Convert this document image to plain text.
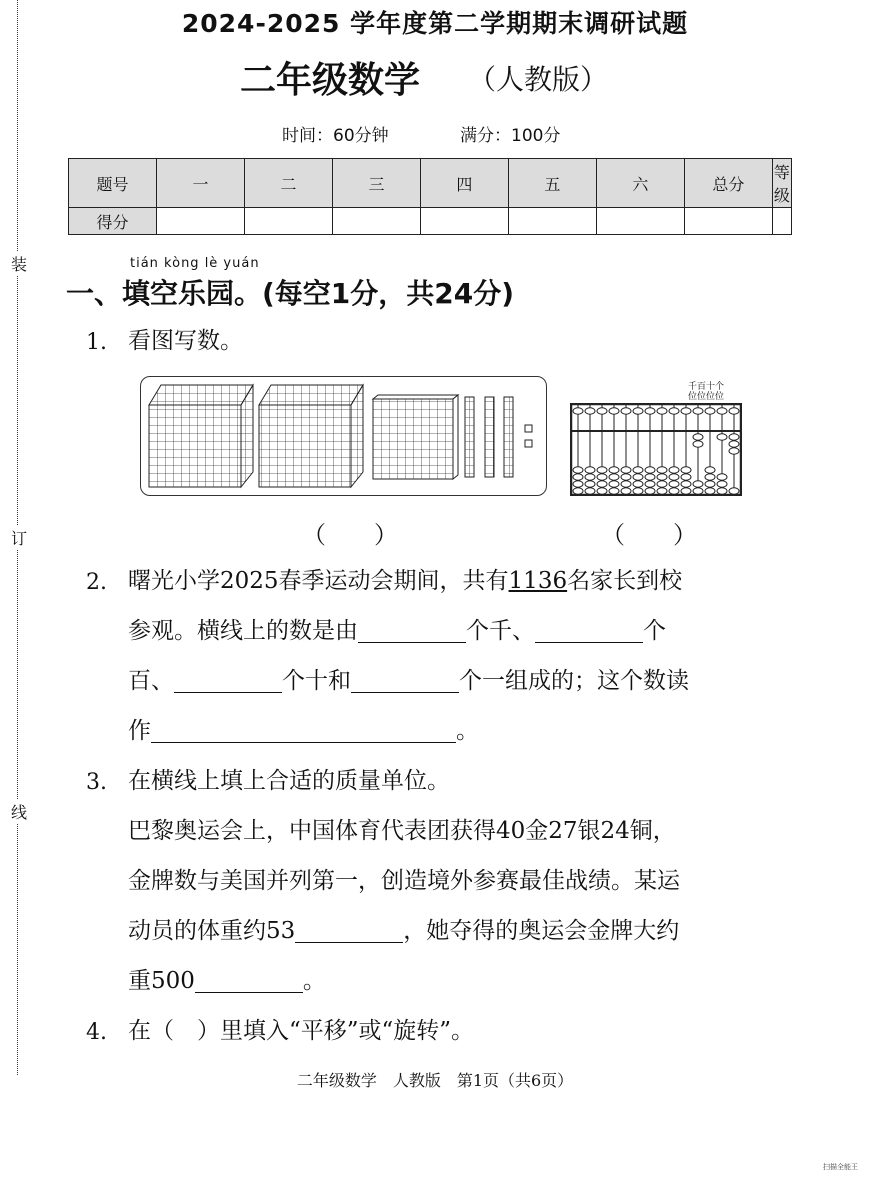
装
订
线
2024-2025 学年度第二学期期末调研试题
二年级数学 （人教版）
时间：60分钟	满分：100分
题号	一	二	三	四	五	六	总分	等级
得分								
tián kòng lè yuán
一、填空乐园。(每空1分，共24分)
1. 看图写数。
千百十个
位位位位
（　　）	（　　）
2. 曙光小学2025春季运动会期间，共有1136名家长到校
参观。横线上的数是由	个千、	个
百、	个十和	个一组成的；这个数读
作	。
3. 在横线上填上合适的质量单位。
巴黎奥运会上，中国体育代表团获得40金27银24铜，
金牌数与美国并列第一，创造境外参赛最佳战绩。某运
动员的体重约53	，她夺得的奥运会金牌大约
重500	。
4. 在（　）里填入“平移”或“旋转”。
二年级数学　人教版　第1页（共6页）
扫描全能王
